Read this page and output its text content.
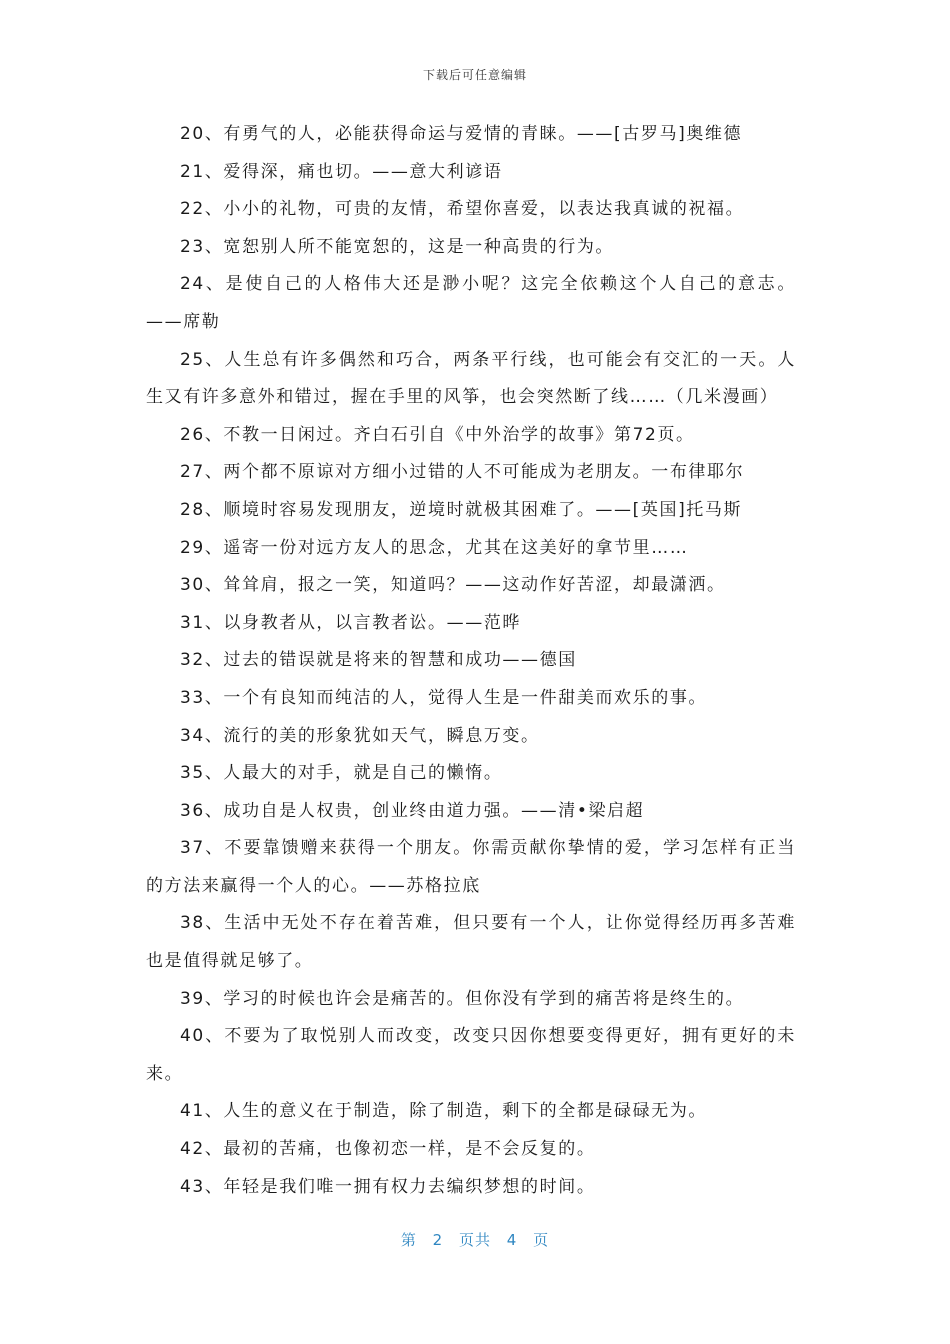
下载后可任意编辑

20、有勇气的人，必能获得命运与爱情的青睐。——[古罗马]奥维德

21、爱得深，痛也切。——意大利谚语

22、小小的礼物，可贵的友情，希望你喜爱，以表达我真诚的祝福。

23、宽恕别人所不能宽恕的，这是一种高贵的行为。

24、是使自己的人格伟大还是渺小呢？这完全依赖这个人自己的意志。——席勒

25、人生总有许多偶然和巧合，两条平行线，也可能会有交汇的一天。人生又有许多意外和错过，握在手里的风筝，也会突然断了线……（几米漫画）

26、不教一日闲过。齐白石引自《中外治学的故事》第72页。

27、两个都不原谅对方细小过错的人不可能成为老朋友。一布律耶尔

28、顺境时容易发现朋友，逆境时就极其困难了。——[英国]托马斯

29、遥寄一份对远方友人的思念，尤其在这美好的拿节里……

30、耸耸肩，报之一笑，知道吗？——这动作好苦涩，却最潇洒。

31、以身教者从，以言教者讼。——范晔

32、过去的错误就是将来的智慧和成功——德国

33、一个有良知而纯洁的人，觉得人生是一件甜美而欢乐的事。

34、流行的美的形象犹如天气，瞬息万变。

35、人最大的对手，就是自己的懒惰。

36、成功自是人权贵，创业终由道力强。——清•梁启超

37、不要靠馈赠来获得一个朋友。你需贡献你挚情的爱，学习怎样有正当的方法来赢得一个人的心。——苏格拉底

38、生活中无处不存在着苦难，但只要有一个人，让你觉得经历再多苦难也是值得就足够了。

39、学习的时候也许会是痛苦的。但你没有学到的痛苦将是终生的。

40、不要为了取悦别人而改变，改变只因你想要变得更好，拥有更好的未来。

41、人生的意义在于制造，除了制造，剩下的全都是碌碌无为。

42、最初的苦痛，也像初恋一样，是不会反复的。

43、年轻是我们唯一拥有权力去编织梦想的时间。

第 2 页共 4 页
